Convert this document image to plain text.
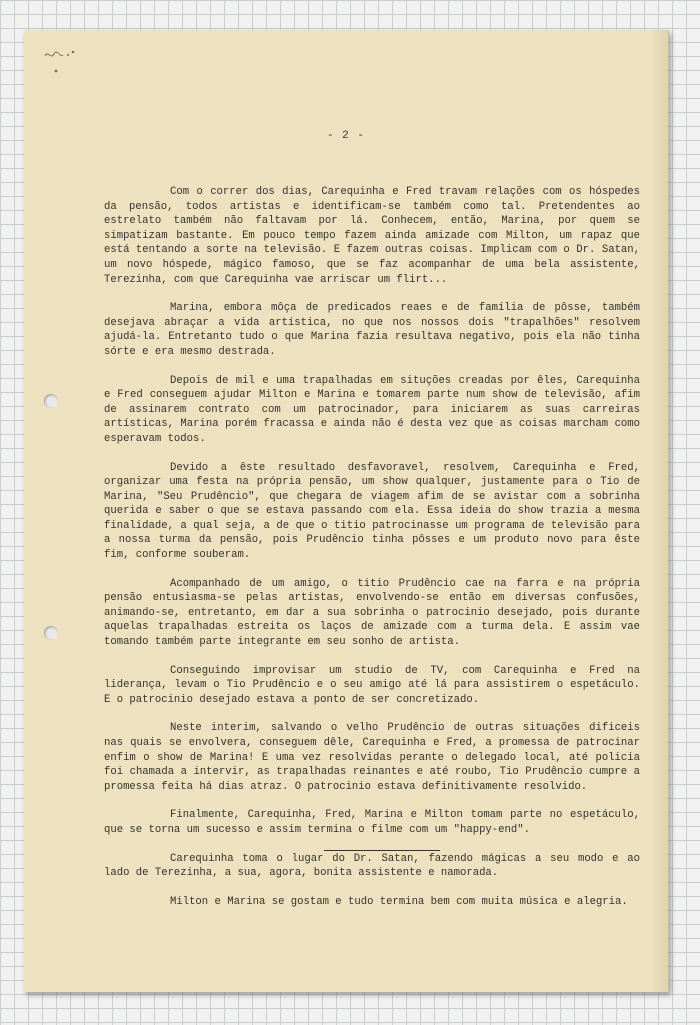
- 2 -

Com o correr dos dias, Carequinha e Fred travam relações com os hóspedes da pensão, todos artistas e identificam-se também como tal. Pretendentes ao estrelato também não faltavam por lá. Conhecem, então, Marina, por quem se simpatizam bastante. Em pouco tempo fazem ainda amizade com Milton, um rapaz que está tentando a sorte na televisão. E fazem outras coisas. Implicam com o Dr. Satan, um novo hóspede, mágico famoso, que se faz acompanhar de uma bela assistente, Terezinha, com que Carequinha vae arriscar um flirt...

Marina, embora môça de predicados reaes e de família de pôsse, também desejava abraçar a vida artística, no que nos nossos dois "trapalhões" resolvem ajudá-la. Entretanto tudo o que Marina fazia resultava negativo, pois ela não tinha sórte e era mesmo destrada.

Depois de mil e uma trapalhadas em situções creadas por êles, Carequinha e Fred conseguem ajudar Milton e Marina e tomarem parte num show de televisão, afim de assinarem contrato com um patrocinador, para iniciarem as suas carreiras artísticas, Marina porém fracassa e ainda não é desta vez que as coisas marcham como esperavam todos.

Devido a êste resultado desfavoravel, resolvem, Carequinha e Fred, organizar uma festa na própria pensão, um show qualquer, justamente para o Tio de Marina, "Seu Prudêncio", que chegara de viagem afim de se avistar com a sobrinha querida e saber o que se estava passando com ela. Essa ideia do show trazia a mesma finalidade, a qual seja, a de que o titio patrocinasse um programa de televisão para a nossa turma da pensão, pois Prudêncio tinha pôsses e um produto novo para êste fim, conforme souberam.

Acompanhado de um amigo, o titio Prudêncio cae na farra e na própria pensão entusiasma-se pelas artistas, envolvendo-se então em diversas confusões, animando-se, entretanto, em dar a sua sobrinha o patrocinio desejado, pois durante aquelas trapalhadas estreita os laços de amizade com a turma dela. E assim vae tomando também parte integrante em seu sonho de artista.

Conseguindo improvisar um studio de TV, com Carequinha e Fred na liderança, levam o Tio Prudêncio e o seu amigo até lá para assistirem o espetáculo. E o patrocinio desejado estava a ponto de ser concretizado.

Neste interim, salvando o velho Prudêncio de outras situações dificeis nas quais se envolvera, conseguem dêle, Carequinha e Fred, a promessa de patrocinar enfim o show de Marina! E uma vez resolvidas perante o delegado local, até policia foi chamada a intervir, as trapalhadas reinantes e até roubo, Tio Prudêncio cumpre a promessa feita há dias atraz. O patrocinio estava definitivamente resolvido.

Finalmente, Carequinha, Fred, Marina e Milton tomam parte no espetáculo, que se torna um sucesso e assim termina o filme com um "happy-end".

Carequinha toma o lugar do Dr. Satan, fazendo mágicas a seu modo e ao lado de Terezinha, a sua, agora, bonita assistente e namorada.

Milton e Marina se gostam e tudo termina bem com muita música e alegria.
